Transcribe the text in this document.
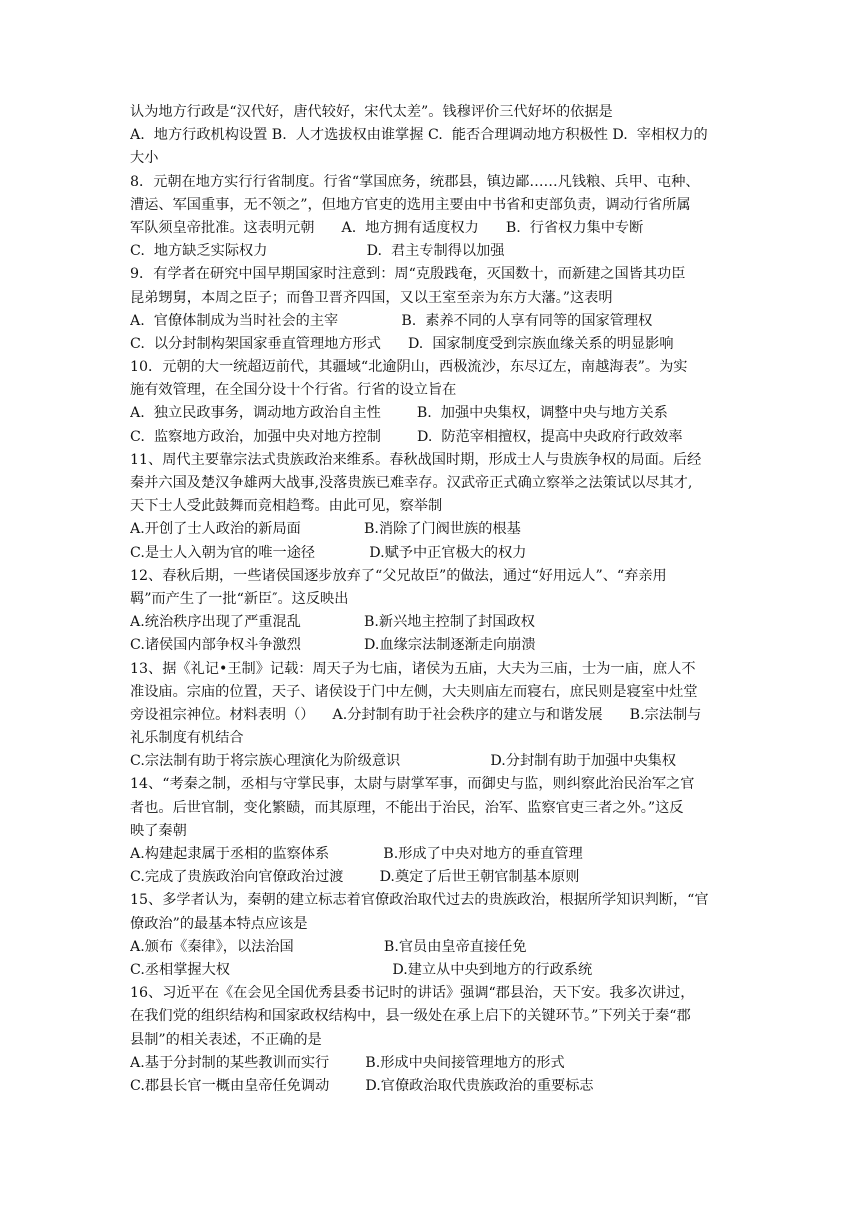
认为地方行政是“汉代好，唐代较好，宋代太差”。钱穆评价三代好坏的依据是
A.  地方行政机构设置 B.  人才选拔权由谁掌握 C.  能否合理调动地方积极性 D.  宰相权力的
大小
8．元朝在地方实行行省制度。行省“掌国庶务，统郡县，镇边鄙……凡钱粮、兵甲、屯种、
漕运、军国重事，无不领之”，但地方官吏的选用主要由中书省和吏部负责，调动行省所属
军队须皇帝批准。这表明元朝      A.  地方拥有适度权力      B.  行省权力集中专断
C.  地方缺乏实际权力                      D.  君主专制得以加强
9．有学者在研究中国早期国家时注意到：周“克殷践奄，灭国数十，而新建之国皆其功臣
昆弟甥舅，本周之臣子；而鲁卫晋齐四国，又以王室至亲为东方大藩。”这表明
A.  官僚体制成为当时社会的主宰              B.  素养不同的人享有同等的国家管理权
C.  以分封制构架国家垂直管理地方形式      D.  国家制度受到宗族血缘关系的明显影响
10．元朝的大一统超迈前代，其疆域“北逾阴山，西极流沙，东尽辽左，南越海表”。为实
施有效管理，在全国分设十个行省。行省的设立旨在
A.  独立民政事务，调动地方政治自主性        B.  加强中央集权，调整中央与地方关系
C.  监察地方政治，加强中央对地方控制        D.  防范宰相擅权，提高中央政府行政效率
11、周代主要靠宗法式贵族政治来维系。春秋战国时期，形成士人与贵族争权的局面。后经
秦并六国及楚汉争雄两大战事,没落贵族已难幸存。汉武帝正式确立察举之法策试以尽其才,
天下士人受此鼓舞而竞相趋骛。由此可见，察举制
A.开创了士人政治的新局面              B.消除了门阀世族的根基
C.是士人入朝为官的唯一途径            D.赋予中正官极大的权力
12、春秋后期，一些诸侯国逐步放弃了“父兄故臣”的做法，通过“好用远人”、“弃亲用
羁”而产生了一批“新臣″。这反映出
A.统治秩序出现了严重混乱              B.新兴地主控制了封国政权
C.诸侯国内部争权斗争激烈              D.血缘宗法制逐渐走向崩溃
13、据《礼记•王制》记载：周天子为七庙，诸侯为五庙，大夫为三庙，士为一庙，庶人不
准设庙。宗庙的位置，天子、诸侯设于门中左侧，大夫则庙左而寝右，庶民则是寝室中灶堂
旁设祖宗神位。材料表明（）    A.分封制有助于社会秩序的建立与和谐发展      B.宗法制与
礼乐制度有机结合
C.宗法制有助于将宗族心理演化为阶级意识                    D.分封制有助于加强中央集权
14、“考秦之制，丞相与守掌民事，太尉与尉掌军事，而御史与监，则纠察此治民治军之官
者也。后世官制，变化繁赜，而其原理，不能出于治民，治军、监察官吏三者之外。”这反
映了秦朝
A.构建起隶属于丞相的监察体系            B.形成了中央对地方的垂直管理
C.完成了贵族政治向官僚政治过渡        D.奠定了后世王朝官制基本原则
15、多学者认为，秦朝的建立标志着官僚政治取代过去的贵族政治，根据所学知识判断，“官
僚政治”的最基本特点应该是
A.颁布《秦律》，以法治国                    B.官员由皇帝直接任免
C.丞相掌握大权                                    D.建立从中央到地方的行政系统
16、习近平在《在会见全国优秀县委书记时的讲话》强调“郡县治，天下安。我多次讲过，
在我们党的组织结构和国家政权结构中，县一级处在承上启下的关键环节。”下列关于秦“郡
县制”的相关表述，不正确的是
A.基于分封制的某些教训而实行        B.形成中央间接管理地方的形式
C.郡县长官一概由皇帝任免调动        D.官僚政治取代贵族政治的重要标志
